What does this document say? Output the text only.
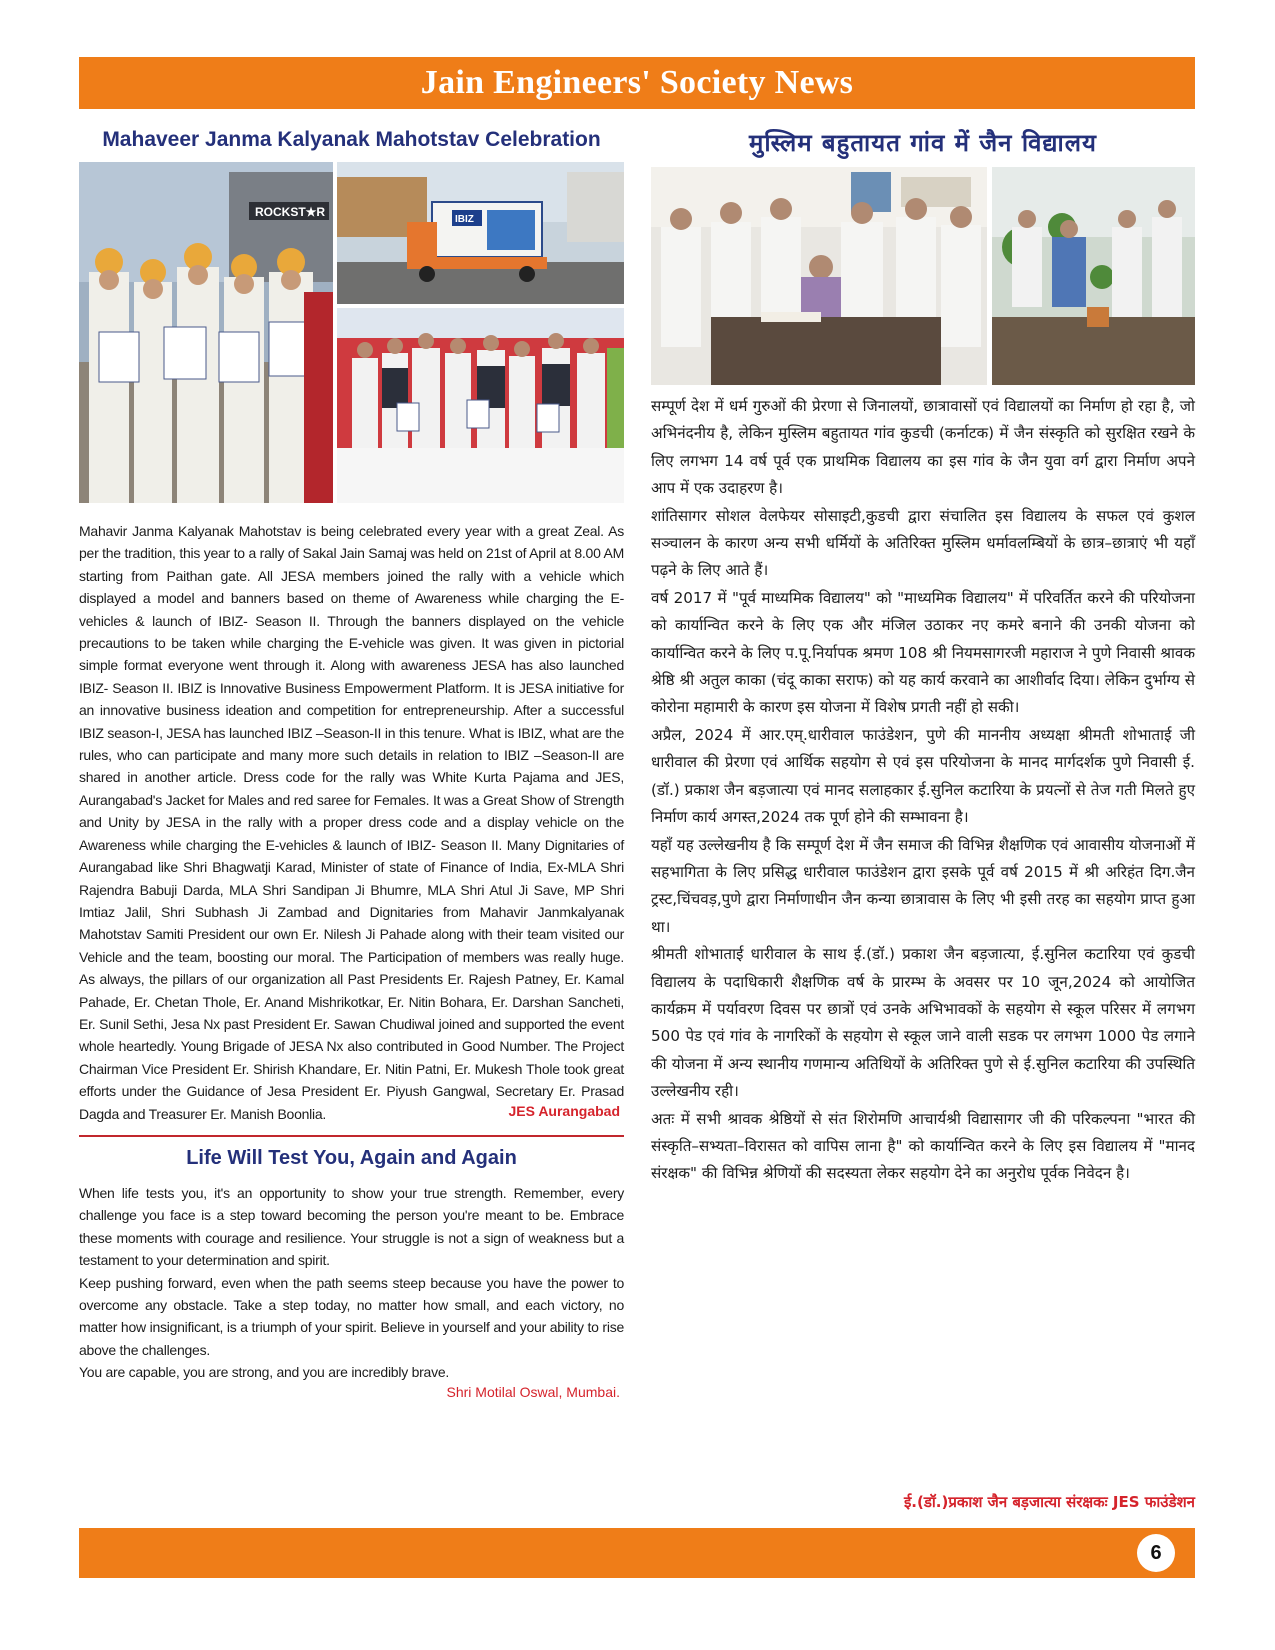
Jain Engineers' Society News
Mahaveer Janma Kalyanak Mahotstav Celebration
ROCKST★R
IBIZ

Mahavir Janma Kalyanak Mahotstav is being celebrated every year with a great Zeal. As per the tradition, this year to a rally of Sakal Jain Samaj was held on 21st of April at 8.00 AM starting from Paithan gate. All JESA members joined the rally with a vehicle which displayed a model and banners based on theme of Awareness while charging the E-vehicles & launch of IBIZ- Season II. Through the banners displayed on the vehicle precautions to be taken while charging the E-vehicle was given. It was given in pictorial simple format everyone went through it. Along with awareness JESA has also launched IBIZ- Season II. IBIZ is Innovative Business Empowerment Platform. It is JESA initiative for an innovative business ideation and competition for entrepreneurship. After a successful IBIZ season-I, JESA has launched IBIZ –Season-II in this tenure. What is IBIZ, what are the rules, who can participate and many more such details in relation to IBIZ –Season-II are shared in another article. Dress code for the rally was White Kurta Pajama and JES, Aurangabad's Jacket for Males and red saree for Females. It was a Great Show of Strength and Unity by JESA in the rally with a proper dress code and a display vehicle on the Awareness while charging the E-vehicles & launch of IBIZ- Season II. Many Dignitaries of Aurangabad like Shri Bhagwatji Karad, Minister of state of Finance of India, Ex-MLA Shri Rajendra Babuji Darda, MLA Shri Sandipan Ji Bhumre, MLA Shri Atul Ji Save, MP Shri Imtiaz Jalil, Shri Subhash Ji Zambad and Dignitaries from Mahavir Janmkalyanak Mahotstav Samiti President our own Er. Nilesh Ji Pahade along with their team visited our Vehicle and the team, boosting our moral. The Participation of members was really huge. As always, the pillars of our organization all Past Presidents Er. Rajesh Patney, Er. Kamal Pahade, Er. Chetan Thole, Er. Anand Mishrikotkar, Er. Nitin Bohara, Er. Darshan Sancheti, Er. Sunil Sethi, Jesa Nx past President Er. Sawan Chudiwal joined and supported the event whole heartedly. Young Brigade of JESA Nx also contributed in Good Number. The Project Chairman Vice President Er. Shirish Khandare, Er. Nitin Patni, Er. Mukesh Thole took great efforts under the Guidance of Jesa President Er. Piyush Gangwal, Secretary Er. Prasad Dagda and Treasurer Er. Manish Boonlia.	JES Aurangabad
Life Will Test You, Again and Again

When life tests you, it's an opportunity to show your true strength. Remember, every challenge you face is a step toward becoming the person you're meant to be. Embrace these moments with courage and resilience. Your struggle is not a sign of weakness but a testament to your determination and spirit.

Keep pushing forward, even when the path seems steep because you have the power to overcome any obstacle. Take a step today, no matter how small, and each victory, no matter how insignificant, is a triumph of your spirit. Believe in yourself and your ability to rise above the challenges.

You are capable, you are strong, and you are incredibly brave.

Shri Motilal Oswal, Mumbai.
मुस्लिम बहुतायत गांव में जैन विद्यालय

सम्पूर्ण देश में धर्म गुरुओं की प्रेरणा से जिनालयों, छात्रावासों एवं विद्यालयों का निर्माण हो रहा है, जो अभिनंदनीय है, लेकिन मुस्लिम बहुतायत गांव कुडची (कर्नाटक) में जैन संस्कृति को सुरक्षित रखने के लिए लगभग 14 वर्ष पूर्व एक प्राथमिक विद्यालय का इस गांव के जैन युवा वर्ग द्वारा निर्माण अपने आप में एक उदाहरण है।

शांतिसागर सोशल वेलफेयर सोसाइटी,कुडची द्वारा संचालित इस विद्यालय के सफल एवं कुशल सञ्चालन के कारण अन्य सभी धर्मियों के अतिरिक्त मुस्लिम धर्मावलम्बियों के छात्र–छात्राएं भी यहाँ पढ़ने के लिए आते हैं।

वर्ष 2017 में "पूर्व माध्यमिक विद्यालय" को "माध्यमिक विद्यालय" में परिवर्तित करने की परियोजना को कार्यान्वित करने के लिए एक और मंजिल उठाकर नए कमरे बनाने की उनकी योजना को कार्यान्वित करने के लिए प.पू.निर्यापक श्रमण 108 श्री नियमसागरजी महाराज ने पुणे निवासी श्रावक श्रेष्ठि श्री अतुल काका (चंदू काका सराफ) को यह कार्य करवाने का आशीर्वाद दिया। लेकिन दुर्भाग्य से कोरोना महामारी के कारण इस योजना में विशेष प्रगती नहीं हो सकी।

अप्रैल, 2024 में आर.एम्.धारीवाल फाउंडेशन, पुणे की माननीय अध्यक्षा श्रीमती शोभाताई जी धारीवाल की प्रेरणा एवं आर्थिक सहयोग से एवं इस परियोजना के मानद मार्गदर्शक पुणे निवासी ई.(डॉ.) प्रकाश जैन बड़जात्या एवं मानद सलाहकार ई.सुनिल कटारिया के प्रयत्नों से तेज गती मिलते हुए निर्माण कार्य अगस्त,2024 तक पूर्ण होने की सम्भावना है।

यहाँ यह उल्लेखनीय है कि सम्पूर्ण देश में जैन समाज की विभिन्न शैक्षणिक एवं आवासीय योजनाओं में सहभागिता के लिए प्रसिद्ध धारीवाल फाउंडेशन द्वारा इसके पूर्व वर्ष 2015 में श्री अरिहंत दिग.जैन ट्रस्ट,चिंचवड़,पुणे द्वारा निर्माणाधीन जैन कन्या छात्रावास के लिए भी इसी तरह का सहयोग प्राप्त हुआ था।

श्रीमती शोभाताई धारीवाल के साथ ई.(डॉ.) प्रकाश जैन बड़जात्या, ई.सुनिल कटारिया एवं कुडची विद्यालय के पदाधिकारी शैक्षणिक वर्ष के प्रारम्भ के अवसर पर 10 जून,2024 को आयोजित कार्यक्रम में पर्यावरण दिवस पर छात्रों एवं उनके अभिभावकों के सहयोग से स्कूल परिसर में लगभग 500 पेड एवं गांव के नागरिकों के सहयोग से स्कूल जाने वाली सडक पर लगभग 1000 पेड लगाने की योजना में अन्य स्थानीय गणमान्य अतिथियों के अतिरिक्त पुणे से ई.सुनिल कटारिया की उपस्थिति उल्लेखनीय रही।

अतः में सभी श्रावक श्रेष्ठियों से संत शिरोमणि आचार्यश्री विद्यासागर जी की परिकल्पना "भारत की संस्कृति–सभ्यता–विरासत को वापिस लाना है" को कार्यान्वित करने के लिए इस विद्यालय में "मानद संरक्षक" की विभिन्न श्रेणियों की सदस्यता लेकर सहयोग देने का अनुरोध पूर्वक निवेदन है।

ई.(डॉ.)प्रकाश जैन बड़जात्या संरक्षकः JES फाउंडेशन
6
